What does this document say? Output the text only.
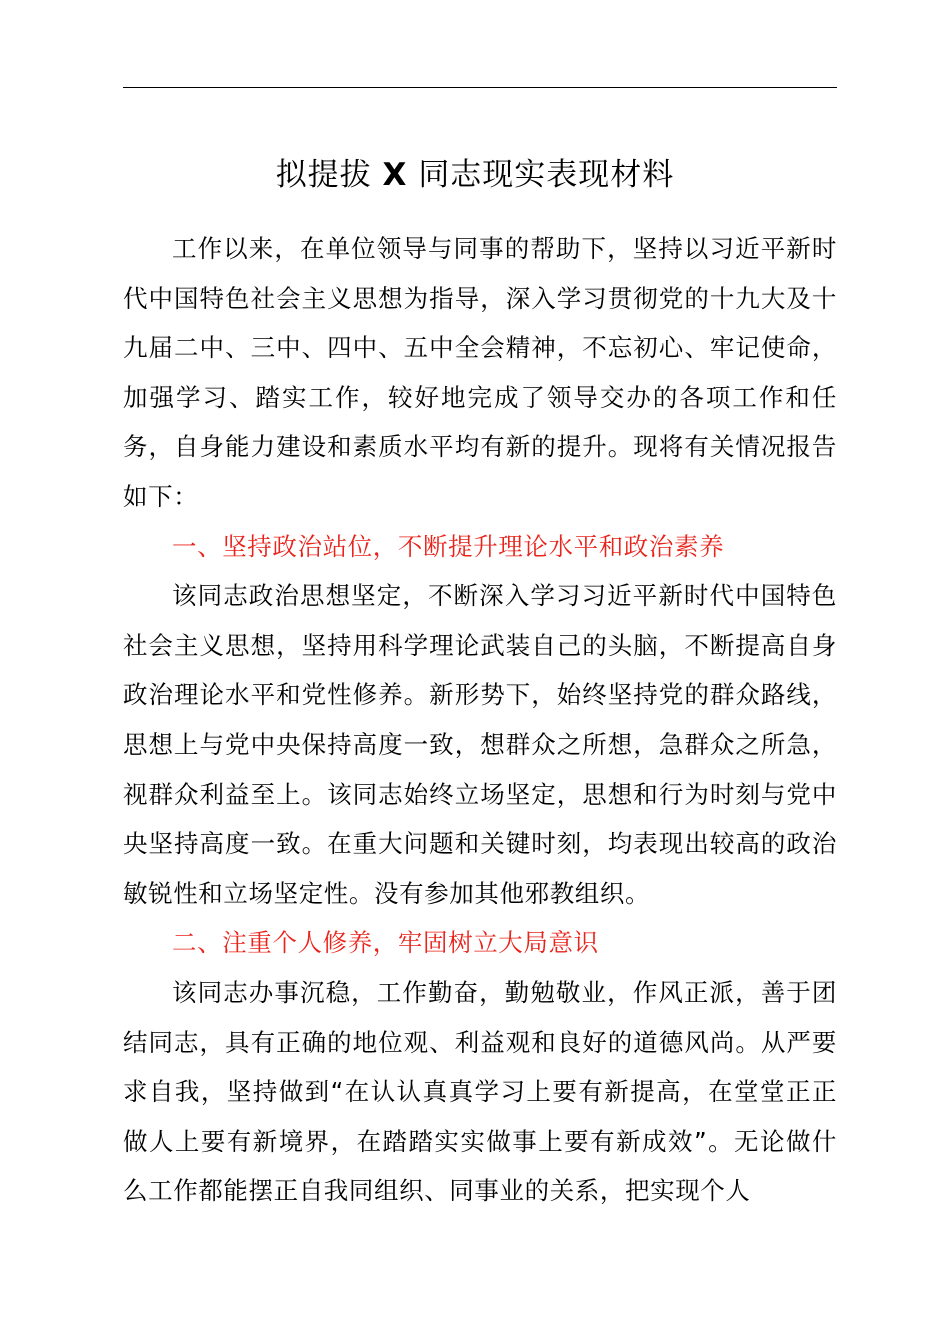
拟提拔 X 同志现实表现材料

工作以来，在单位领导与同事的帮助下，坚持以习近平新时代中国特色社会主义思想为指导，深入学习贯彻党的十九大及十九届二中、三中、四中、五中全会精神，不忘初心、牢记使命，加强学习、踏实工作，较好地完成了领导交办的各项工作和任务，自身能力建设和素质水平均有新的提升。现将有关情况报告如下：

一、坚持政治站位，不断提升理论水平和政治素养

该同志政治思想坚定，不断深入学习习近平新时代中国特色社会主义思想，坚持用科学理论武装自己的头脑，不断提高自身政治理论水平和党性修养。新形势下，始终坚持党的群众路线，思想上与党中央保持高度一致，想群众之所想，急群众之所急，视群众利益至上。该同志始终立场坚定，思想和行为时刻与党中央坚持高度一致。在重大问题和关键时刻，均表现出较高的政治敏锐性和立场坚定性。没有参加其他邪教组织。

二、注重个人修养，牢固树立大局意识

该同志办事沉稳，工作勤奋，勤勉敬业，作风正派，善于团结同志，具有正确的地位观、利益观和良好的道德风尚。从严要求自我，坚持做到“在认认真真学习上要有新提高，在堂堂正正做人上要有新境界，在踏踏实实做事上要有新成效”。无论做什么工作都能摆正自我同组织、同事业的关系，把实现个人
